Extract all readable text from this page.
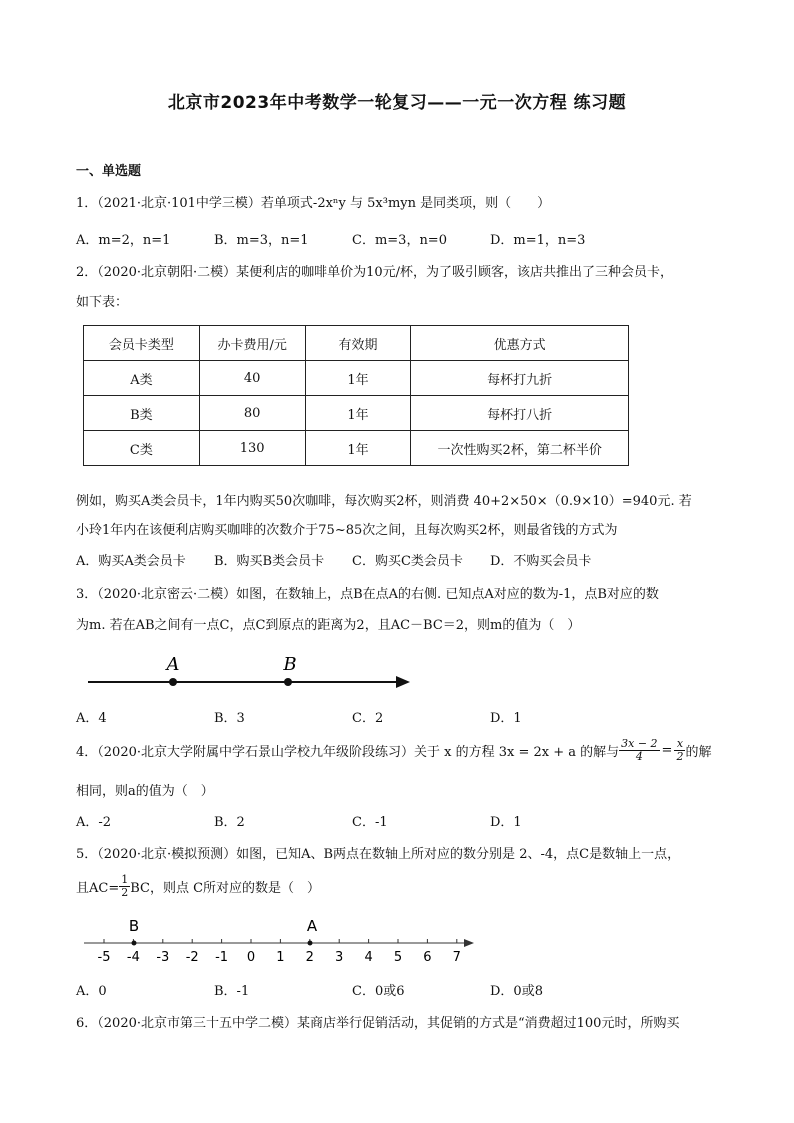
北京市2023年中考数学一轮复习——一元一次方程 练习题
一、单选题
1．（2021·北京·101中学三模）若单项式-2xⁿy 与 5x³myn 是同类项，则（　　）
A．m=2，n=1	B．m=3，n=1	C．m=3，n=0	D．m=1，n=3
2．（2020·北京朝阳·二模）某便利店的咖啡单价为10元/杯，为了吸引顾客，该店共推出了三种会员卡，
如下表：
会员卡类型	办卡费用/元	有效期	优惠方式
A类	40	1年	每杯打九折
B类	80	1年	每杯打八折
C类	130	1年	一次性购买2杯，第二杯半价
例如，购买A类会员卡，1年内购买50次咖啡，每次购买2杯，则消费 40+2×50×（0.9×10）=940元. 若
小玲1年内在该便利店购买咖啡的次数介于75~85次之间，且每次购买2杯，则最省钱的方式为
A．购买A类会员卡 B．购买B类会员卡 C．购买C类会员卡 D．不购买会员卡
3．（2020·北京密云·二模）如图，在数轴上，点B在点A的右侧. 已知点A对应的数为-1，点B对应的数
为m. 若在AB之间有一点C，点C到原点的距离为2，且AC－BC＝2，则m的值为（　）
A	B
A．4	B．3	C．2	D．1
4．（2020·北京大学附属中学石景山学校九年级阶段练习）关于 x 的方程 3x = 2x + a 的解与 $\frac{3x - 2}{4} = \frac{x}{2}$ 的解
相同，则a的值为（　）
A．-2	B．2	C．-1	D．1
5．（2020·北京·模拟预测）如图，已知A、B两点在数轴上所对应的数分别是 2、-4，点C是数轴上一点，
且$AC= \frac{1}{2}$ BC，则点 C所对应的数是（　）
-5 -4 -3 -2 -1 0 1 2 3 4 5 6 7
B	A
A．0	B．-1	C．0或6	D．0或8
6．（2020·北京市第三十五中学二模）某商店举行促销活动，其促销的方式是“消费超过100元时，所购买
